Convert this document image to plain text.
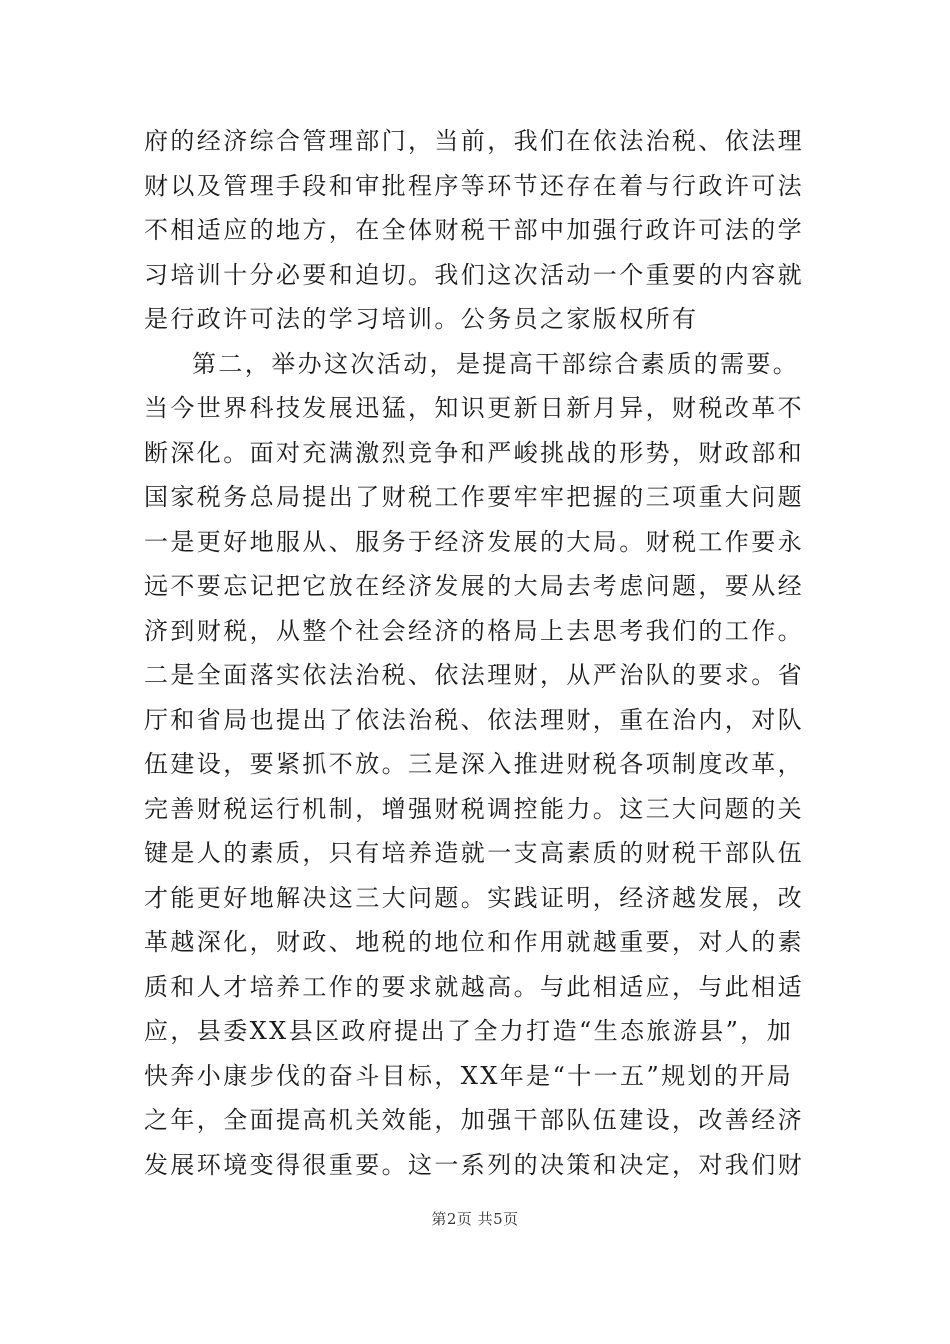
府的经济综合管理部门，当前，我们在依法治税、依法理
财以及管理手段和审批程序等环节还存在着与行政许可法
不相适应的地方，在全体财税干部中加强行政许可法的学
习培训十分必要和迫切。我们这次活动一个重要的内容就
是行政许可法的学习培训。公务员之家版权所有
第二，举办这次活动，是提高干部综合素质的需要。
当今世界科技发展迅猛，知识更新日新月异，财税改革不
断深化。面对充满激烈竞争和严峻挑战的形势，财政部和
国家税务总局提出了财税工作要牢牢把握的三项重大问题
一是更好地服从、服务于经济发展的大局。财税工作要永
远不要忘记把它放在经济发展的大局去考虑问题，要从经
济到财税，从整个社会经济的格局上去思考我们的工作。
二是全面落实依法治税、依法理财，从严治队的要求。省
厅和省局也提出了依法治税、依法理财，重在治内，对队
伍建设，要紧抓不放。三是深入推进财税各项制度改革，
完善财税运行机制，增强财税调控能力。这三大问题的关
键是人的素质，只有培养造就一支高素质的财税干部队伍
才能更好地解决这三大问题。实践证明，经济越发展，改
革越深化，财政、地税的地位和作用就越重要，对人的素
质和人才培养工作的要求就越高。与此相适应，与此相适
应，县委XX县区政府提出了全力打造“生态旅游县”，加
快奔小康步伐的奋斗目标，XX年是“十一五”规划的开局
之年，全面提高机关效能，加强干部队伍建设，改善经济
发展环境变得很重要。这一系列的决策和决定，对我们财
第2页 共5页
